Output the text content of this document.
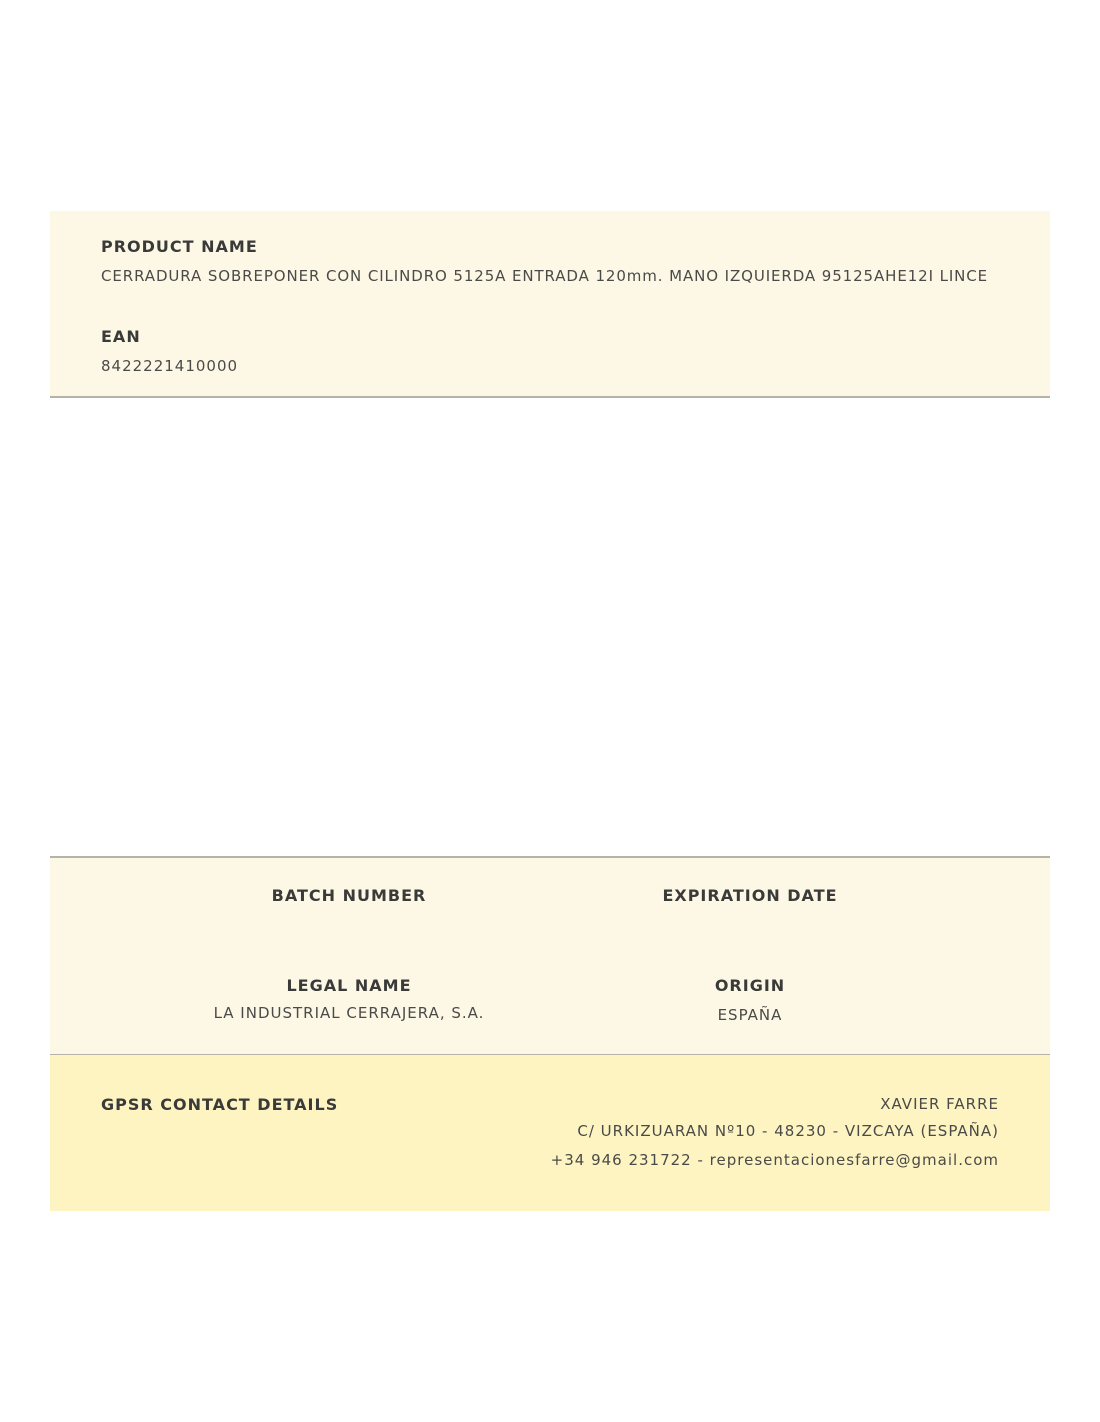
PRODUCT NAME
CERRADURA SOBREPONER CON CILINDRO 5125A ENTRADA 120mm. MANO IZQUIERDA 95125AHE12I LINCE
EAN
8422221410000
BATCH NUMBER	EXPIRATION DATE
LEGAL NAME
LA INDUSTRIAL CERRAJERA, S.A.
ORIGIN
ESPAÑA
GPSR CONTACT DETAILS	XAVIER FARRE
C/ URKIZUARAN Nº10 - 48230 - VIZCAYA (ESPAÑA)
+34 946 231722 - representacionesfarre@gmail.com
